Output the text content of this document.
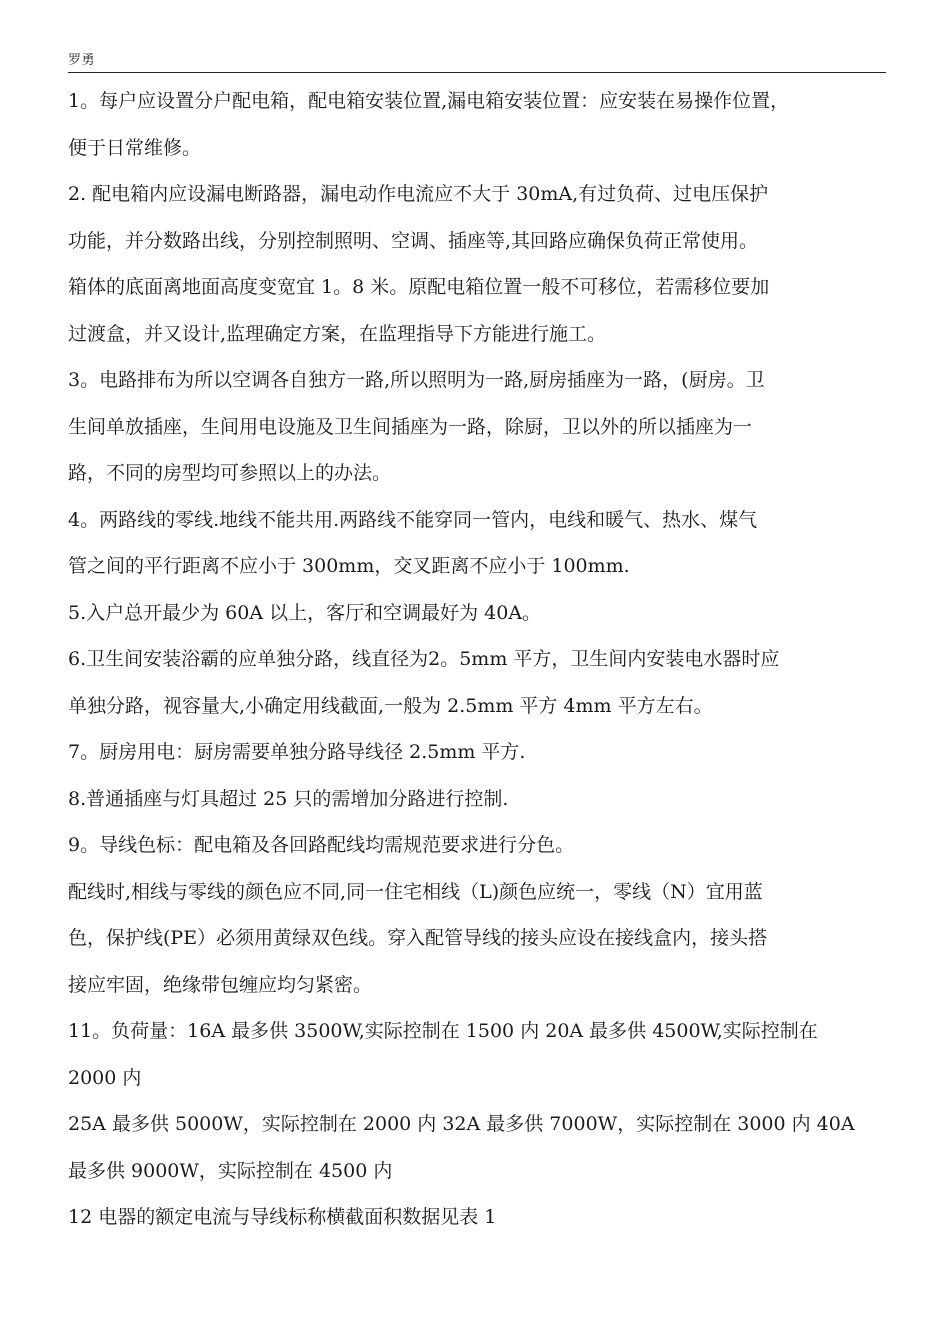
罗勇

1。每户应设置分户配电箱，配电箱安装位置,漏电箱安装位置：应安装在易操作位置，

便于日常维修。

2. 配电箱内应设漏电断路器，漏电动作电流应不大于 30mA,有过负荷、过电压保护

功能，并分数路出线，分别控制照明、空调、插座等,其回路应确保负荷正常使用。

箱体的底面离地面高度变宽宜 1。8 米。原配电箱位置一般不可移位，若需移位要加

过渡盒，并又设计,监理确定方案，在监理指导下方能进行施工。

3。电路排布为所以空调各自独方一路,所以照明为一路,厨房插座为一路，(厨房。卫

生间单放插座，生间用电设施及卫生间插座为一路，除厨，卫以外的所以插座为一

路，不同的房型均可参照以上的办法。

4。两路线的零线.地线不能共用.两路线不能穿同一管内，电线和暖气、热水、煤气

管之间的平行距离不应小于 300mm，交叉距离不应小于 100mm.

5.入户总开最少为 60A 以上，客厅和空调最好为 40A。

6.卫生间安装浴霸的应单独分路，线直径为2。5mm 平方，卫生间内安装电水器时应

单独分路，视容量大,小确定用线截面,一般为 2.5mm 平方 4mm 平方左右。

7。厨房用电：厨房需要单独分路导线径 2.5mm 平方.

8.普通插座与灯具超过 25 只的需增加分路进行控制.

9。导线色标：配电箱及各回路配线均需规范要求进行分色。

配线时,相线与零线的颜色应不同,同一住宅相线（L)颜色应统一，零线（N）宜用蓝

色，保护线(PE）必须用黄绿双色线。穿入配管导线的接头应设在接线盒内，接头搭

接应牢固，绝缘带包缠应均匀紧密。

11。负荷量：16A 最多供 3500W,实际控制在 1500 内 20A 最多供 4500W,实际控制在

2000 内

25A 最多供 5000W，实际控制在 2000 内 32A 最多供 7000W，实际控制在 3000 内 40A

最多供 9000W，实际控制在 4500 内

12 电器的额定电流与导线标称横截面积数据见表 1
